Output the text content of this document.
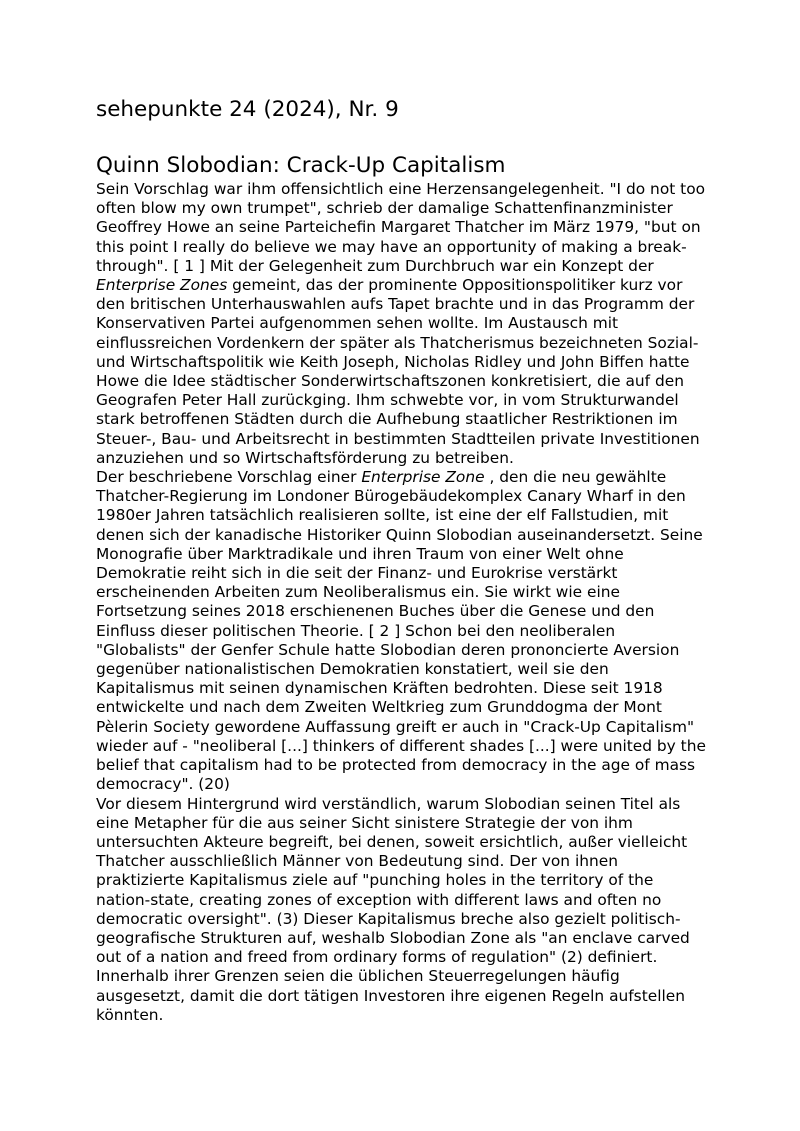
sehepunkte 24 (2024), Nr. 9
Quinn Slobodian: Crack-Up Capitalism

Sein Vorschlag war ihm offensichtlich eine Herzensangelegenheit. "I do not too often blow my own trumpet", schrieb der damalige Schattenfinanzminister Geoffrey Howe an seine Parteichefin Margaret Thatcher im März 1979, "but on this point I really do believe we may have an opportunity of making a break-through". [ 1 ] Mit der Gelegenheit zum Durchbruch war ein Konzept der Enterprise Zones gemeint, das der prominente Oppositionspolitiker kurz vor den britischen Unterhauswahlen aufs Tapet brachte und in das Programm der Konservativen Partei aufgenommen sehen wollte. Im Austausch mit einflussreichen Vordenkern der später als Thatcherismus bezeichneten Sozial- und Wirtschaftspolitik wie Keith Joseph, Nicholas Ridley und John Biffen hatte Howe die Idee städtischer Sonderwirtschaftszonen konkretisiert, die auf den Geografen Peter Hall zurückging. Ihm schwebte vor, in vom Strukturwandel stark betroffenen Städten durch die Aufhebung staatlicher Restriktionen im Steuer-, Bau- und Arbeitsrecht in bestimmten Stadtteilen private Investitionen anzuziehen und so Wirtschaftsförderung zu betreiben.

Der beschriebene Vorschlag einer Enterprise Zone , den die neu gewählte Thatcher-Regierung im Londoner Bürogebäudekomplex Canary Wharf in den 1980er Jahren tatsächlich realisieren sollte, ist eine der elf Fallstudien, mit denen sich der kanadische Historiker Quinn Slobodian auseinandersetzt. Seine Monografie über Marktradikale und ihren Traum von einer Welt ohne Demokratie reiht sich in die seit der Finanz- und Eurokrise verstärkt erscheinenden Arbeiten zum Neoliberalismus ein. Sie wirkt wie eine Fortsetzung seines 2018 erschienenen Buches über die Genese und den Einfluss dieser politischen Theorie. [ 2 ] Schon bei den neoliberalen "Globalists" der Genfer Schule hatte Slobodian deren prononcierte Aversion gegenüber nationalistischen Demokratien konstatiert, weil sie den Kapitalismus mit seinen dynamischen Kräften bedrohten. Diese seit 1918 entwickelte und nach dem Zweiten Weltkrieg zum Grunddogma der Mont Pèlerin Society gewordene Auffassung greift er auch in "Crack-Up Capitalism" wieder auf - "neoliberal [...] thinkers of different shades [...] were united by the belief that capitalism had to be protected from democracy in the age of mass democracy". (20)

Vor diesem Hintergrund wird verständlich, warum Slobodian seinen Titel als eine Metapher für die aus seiner Sicht sinistere Strategie der von ihm untersuchten Akteure begreift, bei denen, soweit ersichtlich, außer vielleicht Thatcher ausschließlich Männer von Bedeutung sind. Der von ihnen praktizierte Kapitalismus ziele auf "punching holes in the territory of the nation-state, creating zones of exception with different laws and often no democratic oversight". (3) Dieser Kapitalismus breche also gezielt politisch-geografische Strukturen auf, weshalb Slobodian Zone als "an enclave carved out of a nation and freed from ordinary forms of regulation" (2) definiert. Innerhalb ihrer Grenzen seien die üblichen Steuerregelungen häufig ausgesetzt, damit die dort tätigen Investoren ihre eigenen Regeln aufstellen könnten.
